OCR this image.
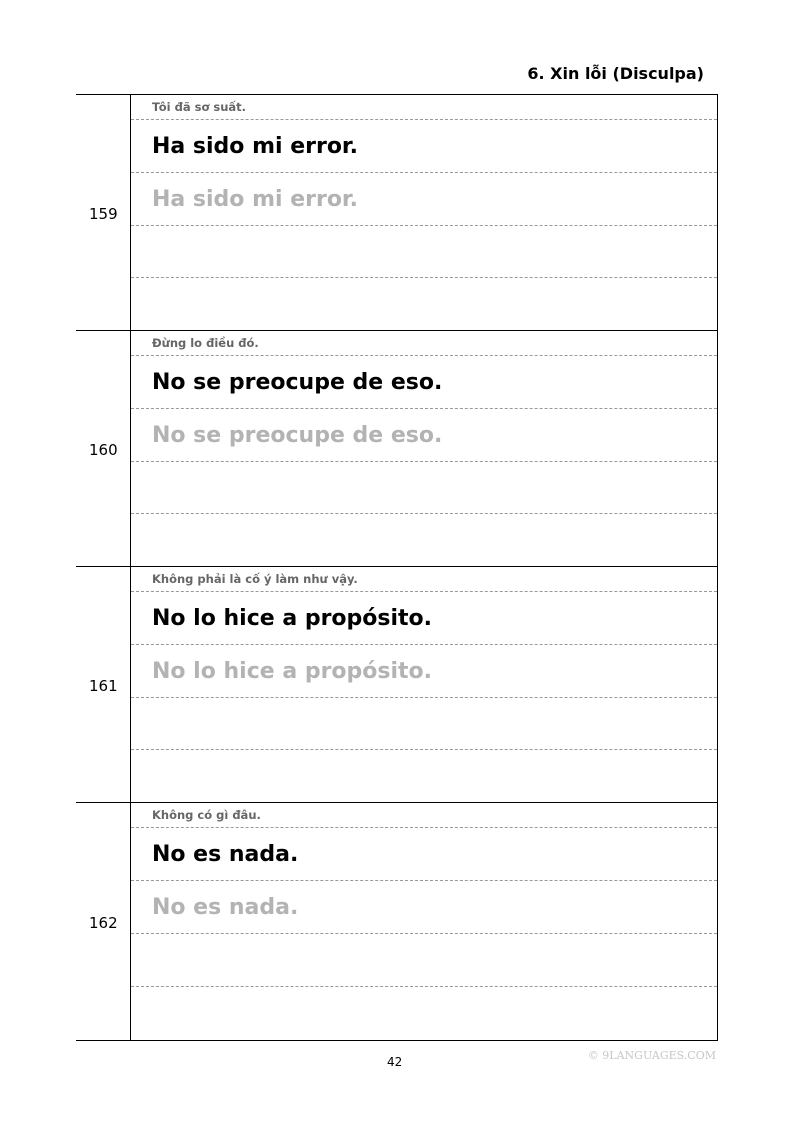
6. Xin lỗi (Disculpa)
159
Tôi đã sơ suất.
Ha sido mi error.
Ha sido mi error.
160
Đừng lo điều đó.
No se preocupe de eso.
No se preocupe de eso.
161
Không phải là cố ý làm như vậy.
No lo hice a propósito.
No lo hice a propósito.
162
Không có gì đâu.
No es nada.
No es nada.
42	© 9LANGUAGES.COM
